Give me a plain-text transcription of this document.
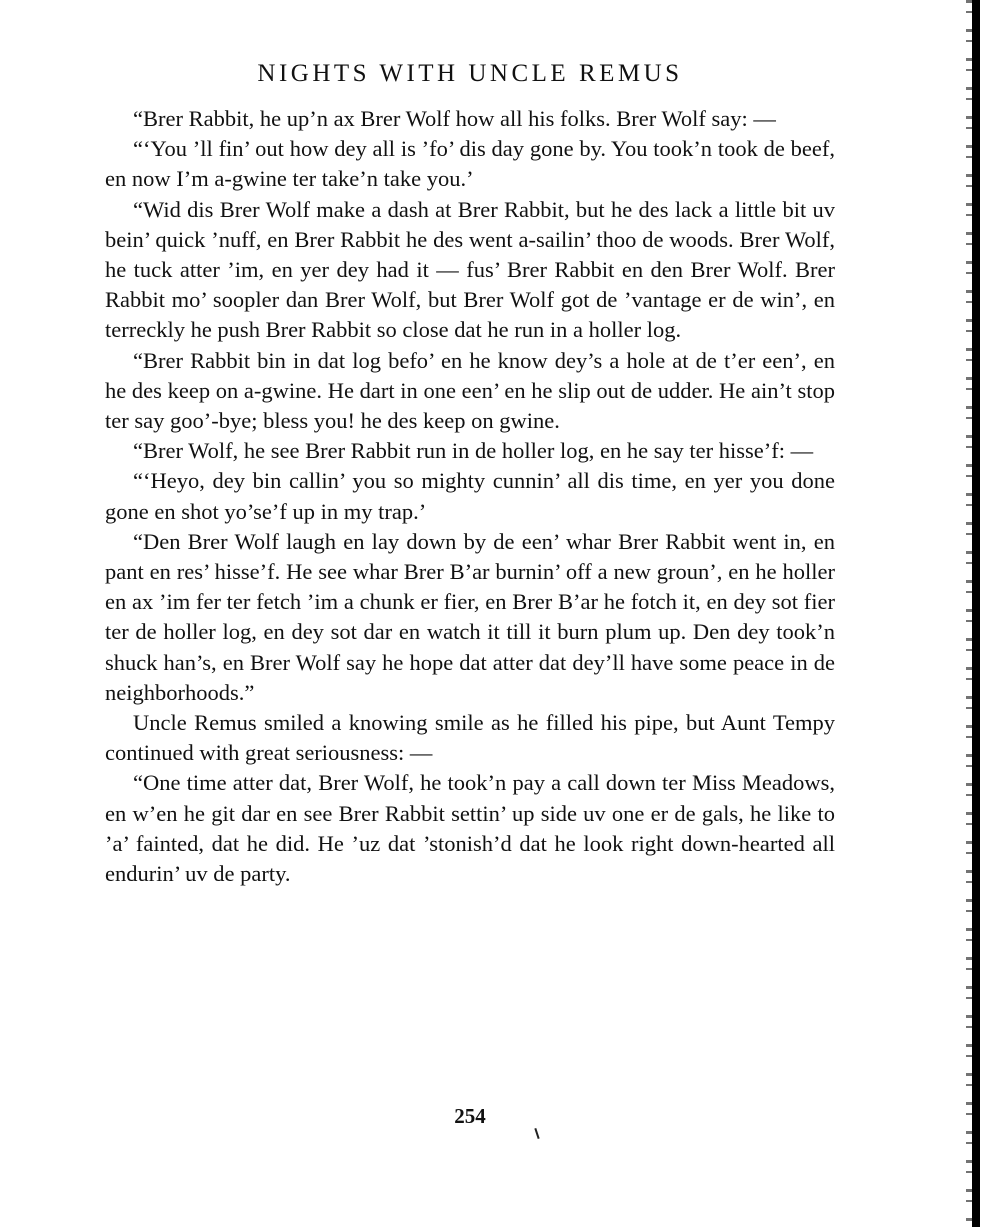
NIGHTS WITH UNCLE REMUS

“Brer Rabbit, he up’n ax Brer Wolf how all his folks. Brer Wolf say: —

“‘You ’ll fin’ out how dey all is ’fo’ dis day gone by. You took’n took de beef, en now I’m a-gwine ter take’n take you.’

“Wid dis Brer Wolf make a dash at Brer Rabbit, but he des lack a little bit uv bein’ quick ’nuff, en Brer Rabbit he des went a-sailin’ thoo de woods. Brer Wolf, he tuck atter ’im, en yer dey had it — fus’ Brer Rabbit en den Brer Wolf. Brer Rabbit mo’ soopler dan Brer Wolf, but Brer Wolf got de ’vantage er de win’, en terreckly he push Brer Rabbit so close dat he run in a holler log.

“Brer Rabbit bin in dat log befo’ en he know dey’s a hole at de t’er een’, en he des keep on a-gwine. He dart in one een’ en he slip out de udder. He ain’t stop ter say goo’-bye; bless you! he des keep on gwine.

“Brer Wolf, he see Brer Rabbit run in de holler log, en he say ter hisse’f: —

“‘Heyo, dey bin callin’ you so mighty cunnin’ all dis time, en yer you done gone en shot yo’se’f up in my trap.’

“Den Brer Wolf laugh en lay down by de een’ whar Brer Rabbit went in, en pant en res’ hisse’f. He see whar Brer B’ar burnin’ off a new groun’, en he holler en ax ’im fer ter fetch ’im a chunk er fier, en Brer B’ar he fotch it, en dey sot fier ter de holler log, en dey sot dar en watch it till it burn plum up. Den dey took’n shuck han’s, en Brer Wolf say he hope dat atter dat dey’ll have some peace in de neighborhoods.”

Uncle Remus smiled a knowing smile as he filled his pipe, but Aunt Tempy continued with great seriousness: —

“One time atter dat, Brer Wolf, he took’n pay a call down ter Miss Meadows, en w’en he git dar en see Brer Rabbit settin’ up side uv one er de gals, he like to ’a’ fainted, dat he did. He ’uz dat ’stonish’d dat he look right down-hearted all endurin’ uv de party.

254
